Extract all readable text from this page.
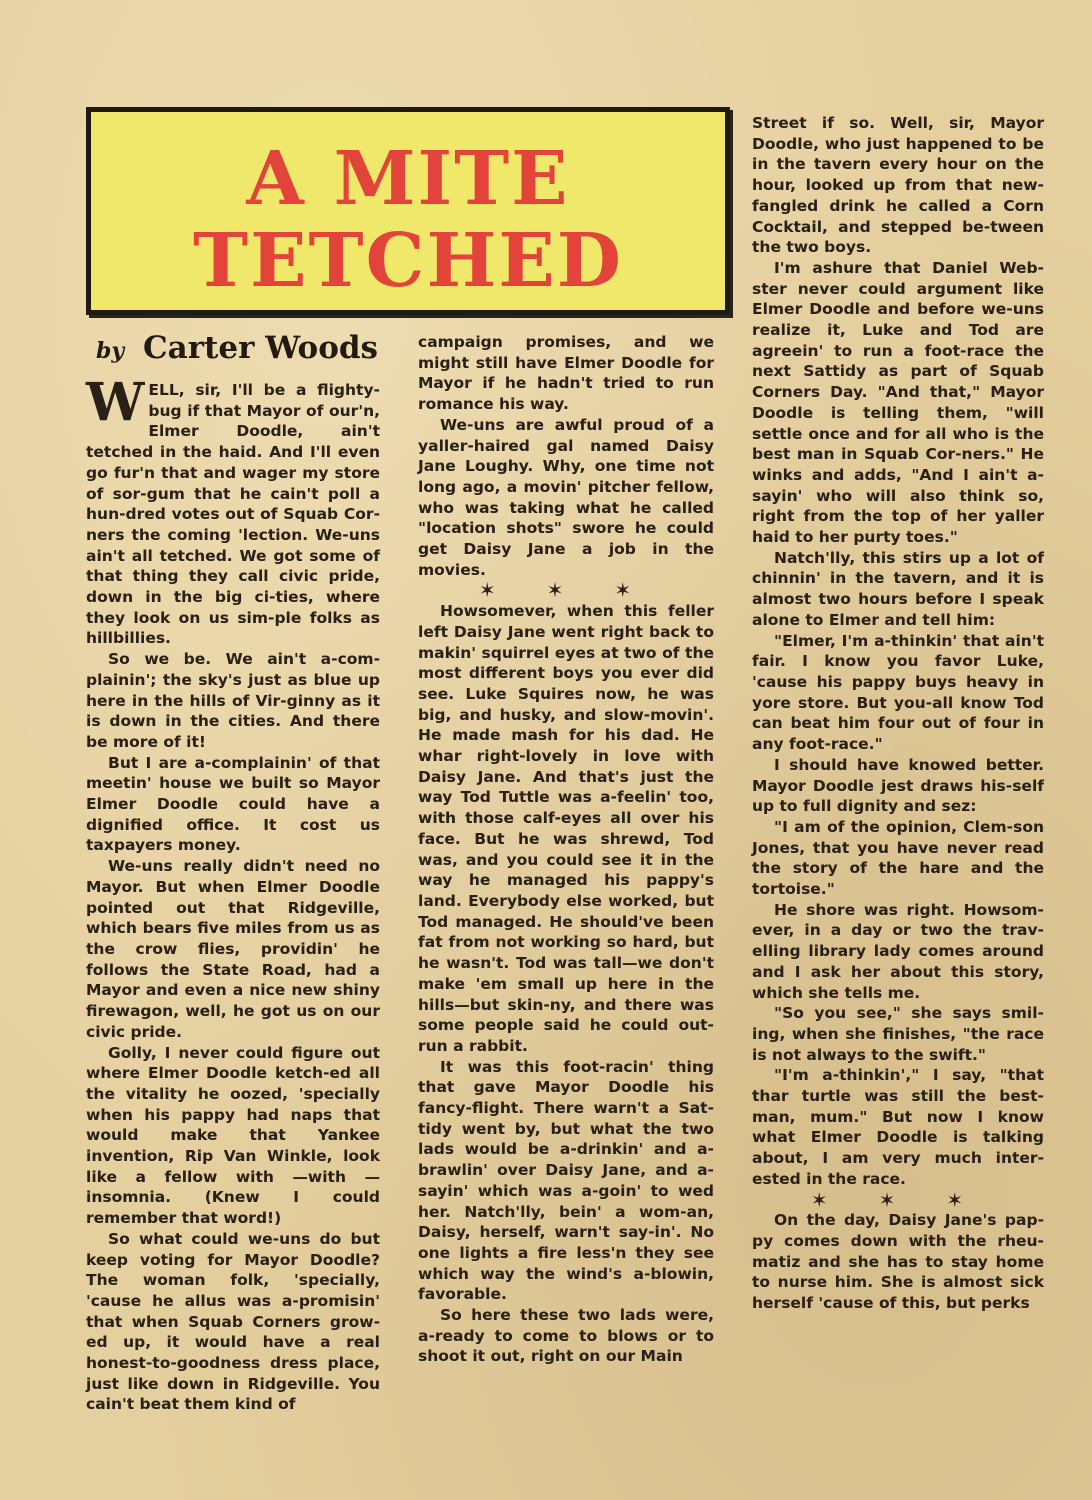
A MITE
TETCHED
by Carter Woods

WELL, sir, I'll be a flighty-bug if that Mayor of our'n, Elmer Doodle, ain't tetched in the haid. And I'll even go fur'n that and wager my store of sor-gum that he cain't poll a hun-dred votes out of Squab Cor-ners the coming 'lection. We-uns ain't all tetched. We got some of that thing they call civic pride, down in the big ci-ties, where they look on us sim-ple folks as hillbillies.

So we be. We ain't a-com-plainin'; the sky's just as blue up here in the hills of Vir-ginny as it is down in the cities. And there be more of it!

But I are a-complainin' of that meetin' house we built so Mayor Elmer Doodle could have a dignified office. It cost us taxpayers money.

We-uns really didn't need no Mayor. But when Elmer Doodle pointed out that Ridgeville, which bears five miles from us as the crow flies, providin' he follows the State Road, had a Mayor and even a nice new shiny firewagon, well, he got us on our civic pride.

Golly, I never could figure out where Elmer Doodle ketch-ed all the vitality he oozed, 'specially when his pappy had naps that would make that Yankee invention, Rip Van Winkle, look like a fellow with —with — insomnia. (Knew I could remember that word!)

So what could we-uns do but keep voting for Mayor Doodle? The woman folk, 'specially, 'cause he allus was a-promisin' that when Squab Corners grow-ed up, it would have a real honest-to-goodness dress place, just like down in Ridgeville. You cain't beat them kind of

campaign promises, and we might still have Elmer Doodle for Mayor if he hadn't tried to run romance his way.

We-uns are awful proud of a yaller-haired gal named Daisy Jane Loughy. Why, one time not long ago, a movin' pitcher fellow, who was taking what he called "location shots" swore he could get Daisy Jane a job in the movies.

✶ ✶ ✶

Howsomever, when this feller left Daisy Jane went right back to makin' squirrel eyes at two of the most different boys you ever did see. Luke Squires now, he was big, and husky, and slow-movin'. He made mash for his dad. He whar right-lovely in love with Daisy Jane. And that's just the way Tod Tuttle was a-feelin' too, with those calf-eyes all over his face. But he was shrewd, Tod was, and you could see it in the way he managed his pappy's land. Everybody else worked, but Tod managed. He should've been fat from not working so hard, but he wasn't. Tod was tall—we don't make 'em small up here in the hills—but skin-ny, and there was some people said he could out-run a rabbit.

It was this foot-racin' thing that gave Mayor Doodle his fancy-flight. There warn't a Sat-tidy went by, but what the two lads would be a-drinkin' and a-brawlin' over Daisy Jane, and a-sayin' which was a-goin' to wed her. Natch'lly, bein' a wom-an, Daisy, herself, warn't say-in'. No one lights a fire less'n they see which way the wind's a-blowin, favorable.

So here these two lads were, a-ready to come to blows or to shoot it out, right on our Main

Street if so. Well, sir, Mayor Doodle, who just happened to be in the tavern every hour on the hour, looked up from that new-fangled drink he called a Corn Cocktail, and stepped be-tween the two boys.

I'm ashure that Daniel Web-ster never could argument like Elmer Doodle and before we-uns realize it, Luke and Tod are agreein' to run a foot-race the next Sattidy as part of Squab Corners Day. "And that," Mayor Doodle is telling them, "will settle once and for all who is the best man in Squab Cor-ners." He winks and adds, "And I ain't a-sayin' who will also think so, right from the top of her yaller haid to her purty toes."

Natch'lly, this stirs up a lot of chinnin' in the tavern, and it is almost two hours before I speak alone to Elmer and tell him:

"Elmer, I'm a-thinkin' that ain't fair. I know you favor Luke, 'cause his pappy buys heavy in yore store. But you-all know Tod can beat him four out of four in any foot-race."

I should have knowed better. Mayor Doodle jest draws his-self up to full dignity and sez:

"I am of the opinion, Clem-son Jones, that you have never read the story of the hare and the tortoise."

He shore was right. Howsom-ever, in a day or two the trav-elling library lady comes around and I ask her about this story, which she tells me.

"So you see," she says smil-ing, when she finishes, "the race is not always to the swift."

"I'm a-thinkin'," I say, "that thar turtle was still the best-man, mum." But now I know what Elmer Doodle is talking about, I am very much inter-ested in the race.

✶ ✶ ✶

On the day, Daisy Jane's pap-py comes down with the rheu-matiz and she has to stay home to nurse him. She is almost sick herself 'cause of this, but perks
